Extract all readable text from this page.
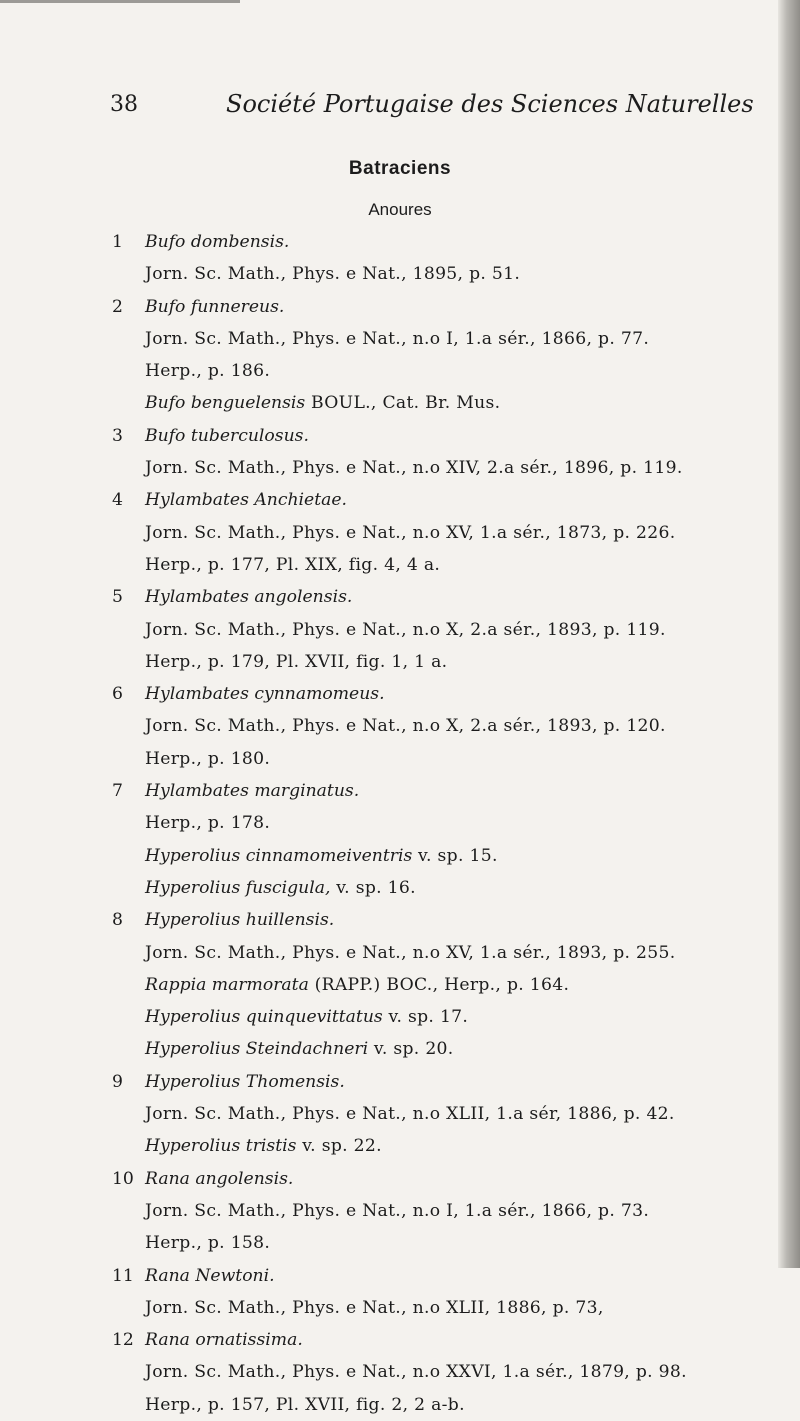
38	Société Portugaise des Sciences Naturelles
Batraciens
Anoures
1	Bufo dombensis.
Jorn. Sc. Math., Phys. e Nat., 1895, p. 51.
2	Bufo funnereus.
Jorn. Sc. Math., Phys. e Nat., n.o I, 1.a sér., 1866, p. 77.
Herp., p. 186.
Bufo benguelensis BOUL., Cat. Br. Mus.
3	Bufo tuberculosus.
Jorn. Sc. Math., Phys. e Nat., n.o XIV, 2.a sér., 1896, p. 119.
4	Hylambates Anchietae.
Jorn. Sc. Math., Phys. e Nat., n.o XV, 1.a sér., 1873, p. 226.
Herp., p. 177, Pl. XIX, fig. 4, 4 a.
5	Hylambates angolensis.
Jorn. Sc. Math., Phys. e Nat., n.o X, 2.a sér., 1893, p. 119.
Herp., p. 179, Pl. XVII, fig. 1, 1 a.
6	Hylambates cynnamomeus.
Jorn. Sc. Math., Phys. e Nat., n.o X, 2.a sér., 1893, p. 120.
Herp., p. 180.
7	Hylambates marginatus.
Herp., p. 178.
Hyperolius cinnamomeiventris v. sp. 15.
Hyperolius fuscigula, v. sp. 16.
8	Hyperolius huillensis.
Jorn. Sc. Math., Phys. e Nat., n.o XV, 1.a sér., 1893, p. 255.
Rappia marmorata (RAPP.) BOC., Herp., p. 164.
Hyperolius quinquevittatus v. sp. 17.
Hyperolius Steindachneri v. sp. 20.
9	Hyperolius Thomensis.
Jorn. Sc. Math., Phys. e Nat., n.o XLII, 1.a sér, 1886, p. 42.
Hyperolius tristis v. sp. 22.
10 Rana angolensis.
Jorn. Sc. Math., Phys. e Nat., n.o I, 1.a sér., 1866, p. 73.
Herp., p. 158.
11 Rana Newtoni.
Jorn. Sc. Math., Phys. e Nat., n.o XLII, 1886, p. 73,
12 Rana ornatissima.
Jorn. Sc. Math., Phys. e Nat., n.o XXVI, 1.a sér., 1879, p. 98.
Herp., p. 157, Pl. XVII, fig. 2, 2 a-b.
